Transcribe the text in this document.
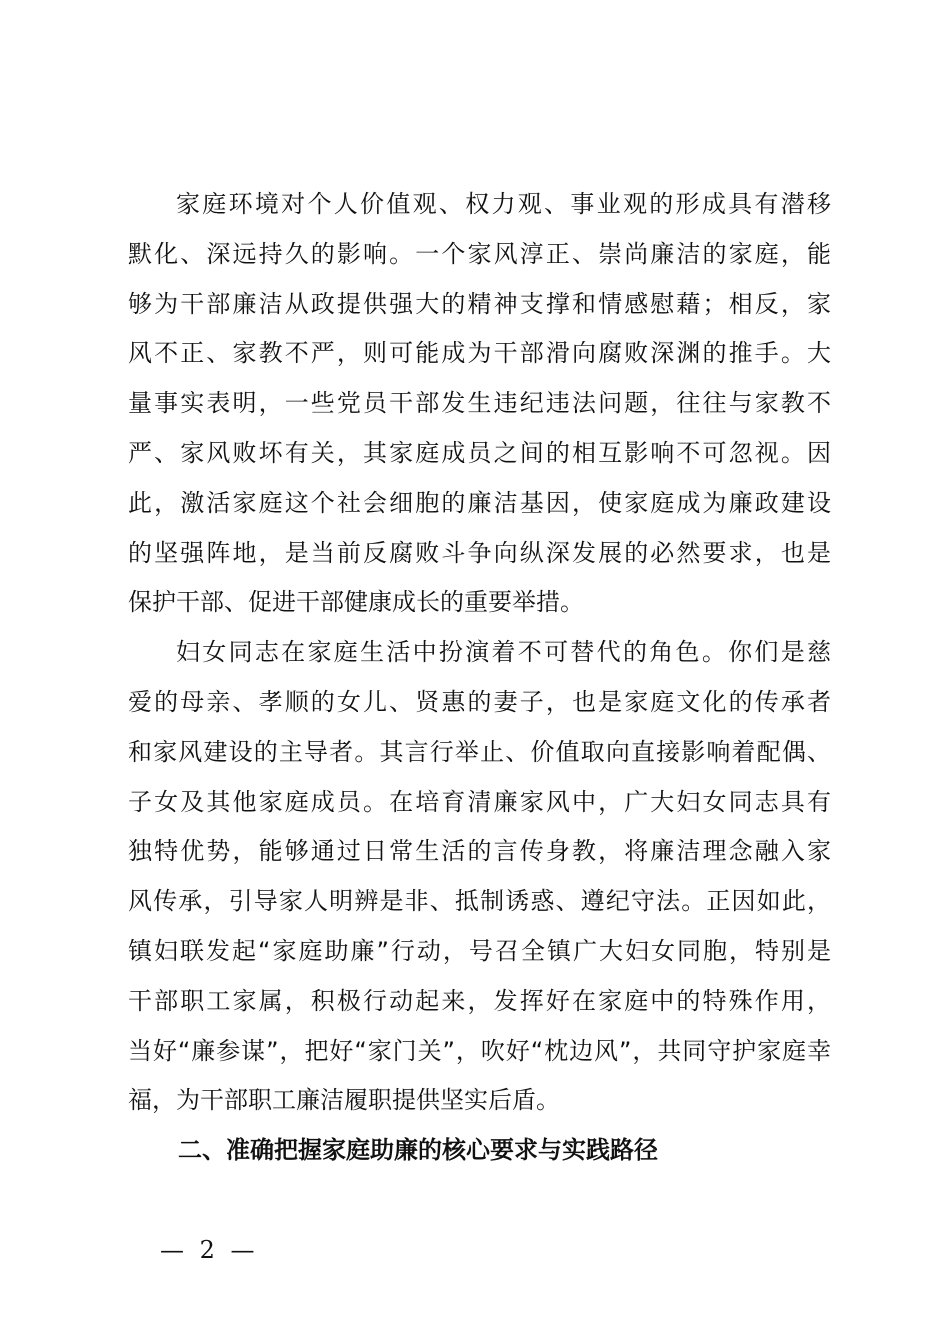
家庭环境对个人价值观、权力观、事业观的形成具有潜移
默化、深远持久的影响。一个家风淳正、崇尚廉洁的家庭，能
够为干部廉洁从政提供强大的精神支撑和情感慰藉；相反，家
风不正、家教不严，则可能成为干部滑向腐败深渊的推手。大
量事实表明，一些党员干部发生违纪违法问题，往往与家教不
严、家风败坏有关，其家庭成员之间的相互影响不可忽视。因
此，激活家庭这个社会细胞的廉洁基因，使家庭成为廉政建设
的坚强阵地，是当前反腐败斗争向纵深发展的必然要求，也是
保护干部、促进干部健康成长的重要举措。
妇女同志在家庭生活中扮演着不可替代的角色。你们是慈
爱的母亲、孝顺的女儿、贤惠的妻子，也是家庭文化的传承者
和家风建设的主导者。其言行举止、价值取向直接影响着配偶、
子女及其他家庭成员。在培育清廉家风中，广大妇女同志具有
独特优势，能够通过日常生活的言传身教，将廉洁理念融入家
风传承，引导家人明辨是非、抵制诱惑、遵纪守法。正因如此，
镇妇联发起“家庭助廉”行动，号召全镇广大妇女同胞，特别是
干部职工家属，积极行动起来，发挥好在家庭中的特殊作用，
当好“廉参谋”，把好“家门关”，吹好“枕边风”，共同守护家庭幸
福，为干部职工廉洁履职提供坚实后盾。
二、准确把握家庭助廉的核心要求与实践路径
— 2 —
